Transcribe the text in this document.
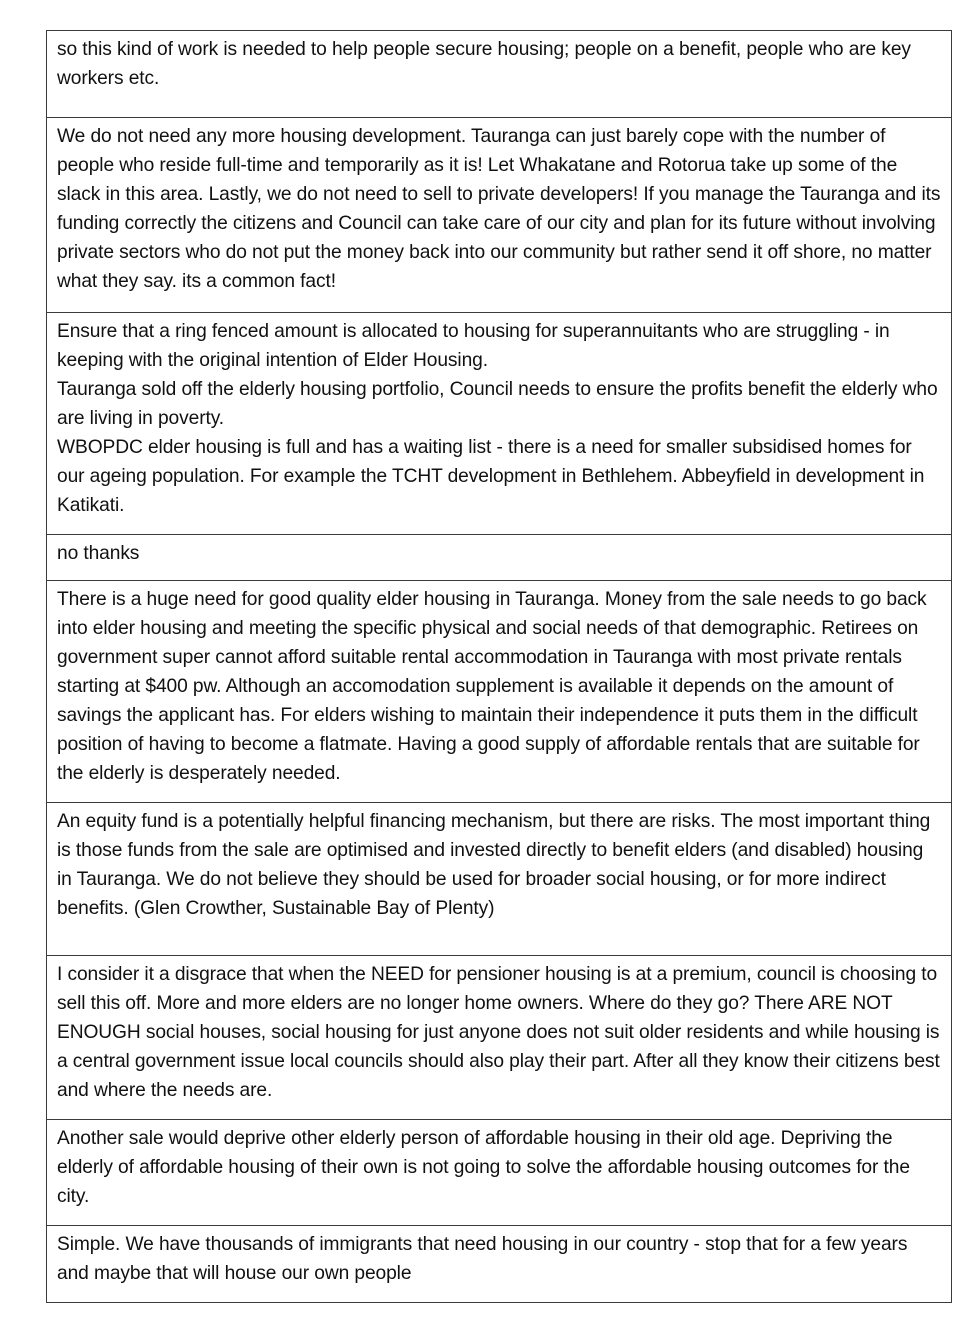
so this kind of work is needed to help people secure housing; people on a benefit, people who are key workers etc.

We do not need any more housing development. Tauranga can just barely cope with the number of people who reside full-time and temporarily as it is! Let Whakatane and Rotorua take up some of the slack in this area. Lastly, we do not need to sell to private developers! If you manage the Tauranga and its funding correctly the citizens and Council can take care of our city and plan for its future without involving private sectors who do not put the money back into our community but rather send it off shore, no matter what they say. its a common fact!

Ensure that a ring fenced amount is allocated to housing for superannuitants who are struggling - in keeping with the original intention of Elder Housing.
Tauranga sold off the elderly housing portfolio, Council needs to ensure the profits benefit the elderly who are living in poverty.
WBOPDC elder housing is full and has a waiting list - there is a need for smaller subsidised homes for our ageing population. For example the TCHT development in Bethlehem. Abbeyfield in development in Katikati.

no thanks

There is a huge need for good quality elder housing in Tauranga. Money from the sale needs to go back into elder housing and meeting the specific physical and social needs of that demographic. Retirees on government super cannot afford suitable rental accommodation in Tauranga with most private rentals starting at $400 pw. Although an accomodation supplement is available it depends on the amount of savings the applicant has. For elders wishing to maintain their independence it puts them in the difficult position of having to become a flatmate. Having a good supply of affordable rentals that are suitable for the elderly is desperately needed.

An equity fund is a potentially helpful financing mechanism, but there are risks. The most important thing is those funds from the sale are optimised and invested directly to benefit elders (and disabled) housing in Tauranga. We do not believe they should be used for broader social housing, or for more indirect benefits. (Glen Crowther, Sustainable Bay of Plenty)

I consider it a disgrace that when the NEED for pensioner housing is at a premium, council is choosing to sell this off. More and more elders are no longer home owners. Where do they go? There ARE NOT ENOUGH social houses, social housing for just anyone does not suit older residents and while housing is a central government issue local councils should also play their part. After all they know their citizens best and where the needs are.

Another sale would deprive other elderly person of affordable housing in their old age. Depriving the elderly of affordable housing of their own is not going to solve the affordable housing outcomes for the city.

Simple. We have thousands of immigrants that need housing in our country - stop that for a few years and maybe that will house our own people
